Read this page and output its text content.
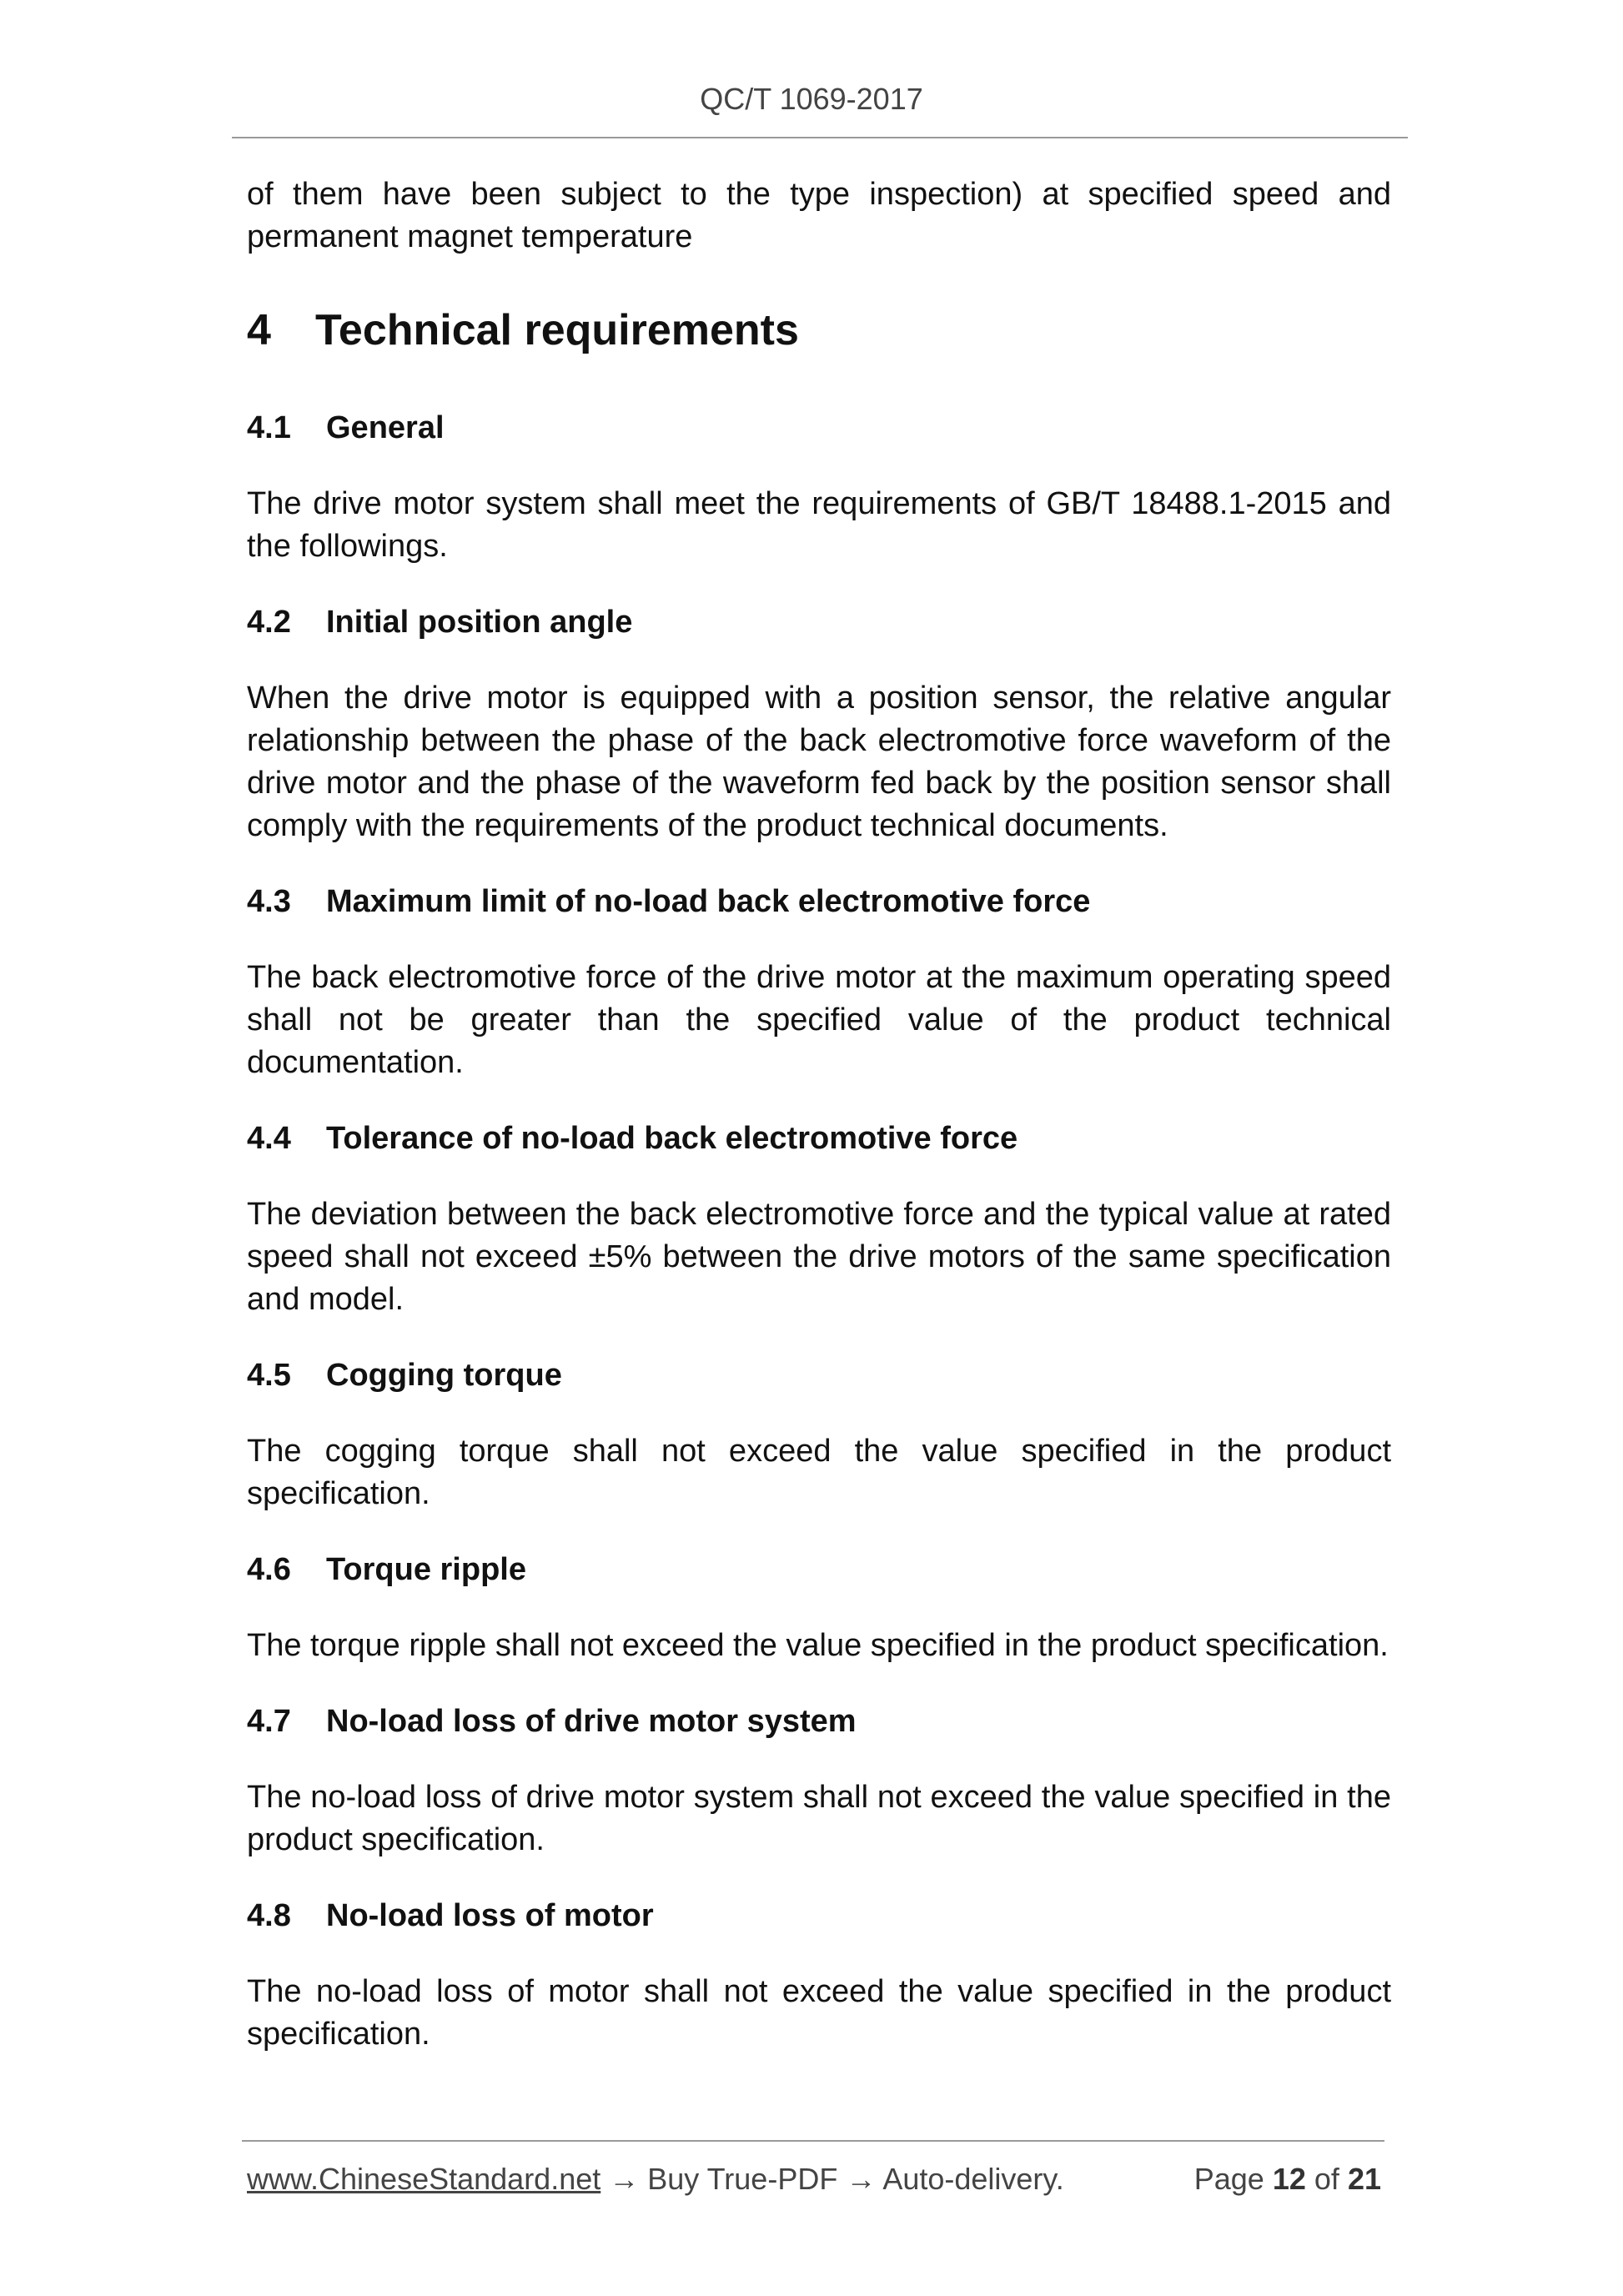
QC/T 1069-2017

of them have been subject to the type inspection) at specified speed and permanent magnet temperature

4	Technical requirements
4.1	General

The drive motor system shall meet the requirements of GB/T 18488.1-2015 and the followings.

4.2	Initial position angle

When the drive motor is equipped with a position sensor, the relative angular relationship between the phase of the back electromotive force waveform of the drive motor and the phase of the waveform fed back by the position sensor shall comply with the requirements of the product technical documents.

4.3	Maximum limit of no-load back electromotive force

The back electromotive force of the drive motor at the maximum operating speed shall not be greater than the specified value of the product technical documentation.

4.4	Tolerance of no-load back electromotive force

The deviation between the back electromotive force and the typical value at rated speed shall not exceed ±5% between the drive motors of the same specification and model.

4.5	Cogging torque

The cogging torque shall not exceed the value specified in the product specification.

4.6	Torque ripple

The torque ripple shall not exceed the value specified in the product specification.

4.7	No-load loss of drive motor system

The no-load loss of drive motor system shall not exceed the value specified in the product specification.

4.8	No-load loss of motor

The no-load loss of motor shall not exceed the value specified in the product specification.

www.ChineseStandard.net → Buy True-PDF → Auto-delivery.	Page 12 of 21
